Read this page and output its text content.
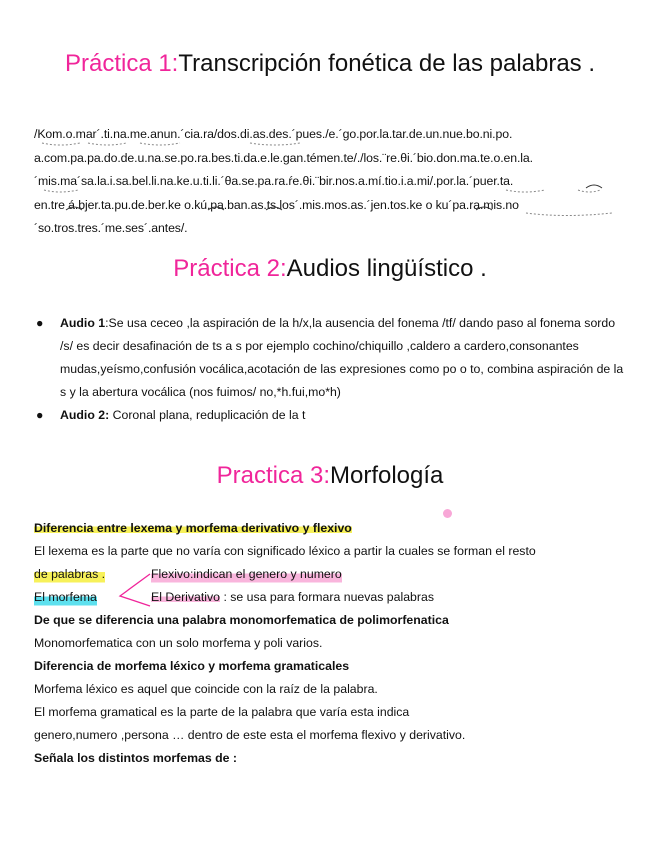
Práctica 1:Transcripción fonética de las palabras .

/Kom.o.mar´.ti.na.me.anun.´cia.ra/dos.di.as.des.´pues./e.´go.por.la.tar.de.un.nue.bo.ni.po.

a.com.pa.pa.do.de.u.na.se.po.ra.bes.ti.da.e.le.gan.témen.te/./los.¨re.θi.´bio.don.ma.te.o.en.la.

´mis.ma´sa.la.i.sa.bel.li.na.ke.u.ti.li.´θa.se.pa.ra.ŕe.θi.¨bir.nos.a.mí.tio.i.a.mi/.por.la.´puer.ta.

en.tre á.bjer.ta.pu.de.ber.ke o.kú.pa.ban.as.ts.los´.mis.mos.as.´jen.tos.ke o ku´pa.ra.mis.no

´so.tros.tres.´me.ses´.antes/.

Práctica 2:Audios lingüístico .
● Audio 1:Se usa ceceo ,la aspiración de la h/x,la ausencia del fonema /tf/ dando paso al fonema sordo /s/ es decir desafinación de ts a s por ejemplo cochino/chiquillo ,caldero a cardero,consonantes mudas,yeísmo,confusión vocálica,acotación de las expresiones como po o to, combina aspiración de la s y la abertura vocálica (nos fuimos/ no,*h.fui,mo*h)
● Audio 2: Coronal plana, reduplicación de la t
Practica 3:Morfología

Diferencia entre lexema y morfema derivativo y flexivo

El lexema es la parte que no varía con significado léxico a partir la cuales se forman el resto

de palabras .	Flexivo:indican el genero y numero
El morfema	El Derivativo : se usa para formara nuevas palabras

De que se diferencia una palabra monomorfematica de polimorfenatica

Monomorfematica con un solo morfema y poli varios.

Diferencia de morfema léxico y morfema gramaticales

Morfema léxico es aquel que coincide con la raíz de la palabra.

El morfema gramatical es la parte de la palabra que varía esta indica

genero,numero ,persona … dentro de este esta el morfema flexivo y derivativo.

Señala los distintos morfemas de :
